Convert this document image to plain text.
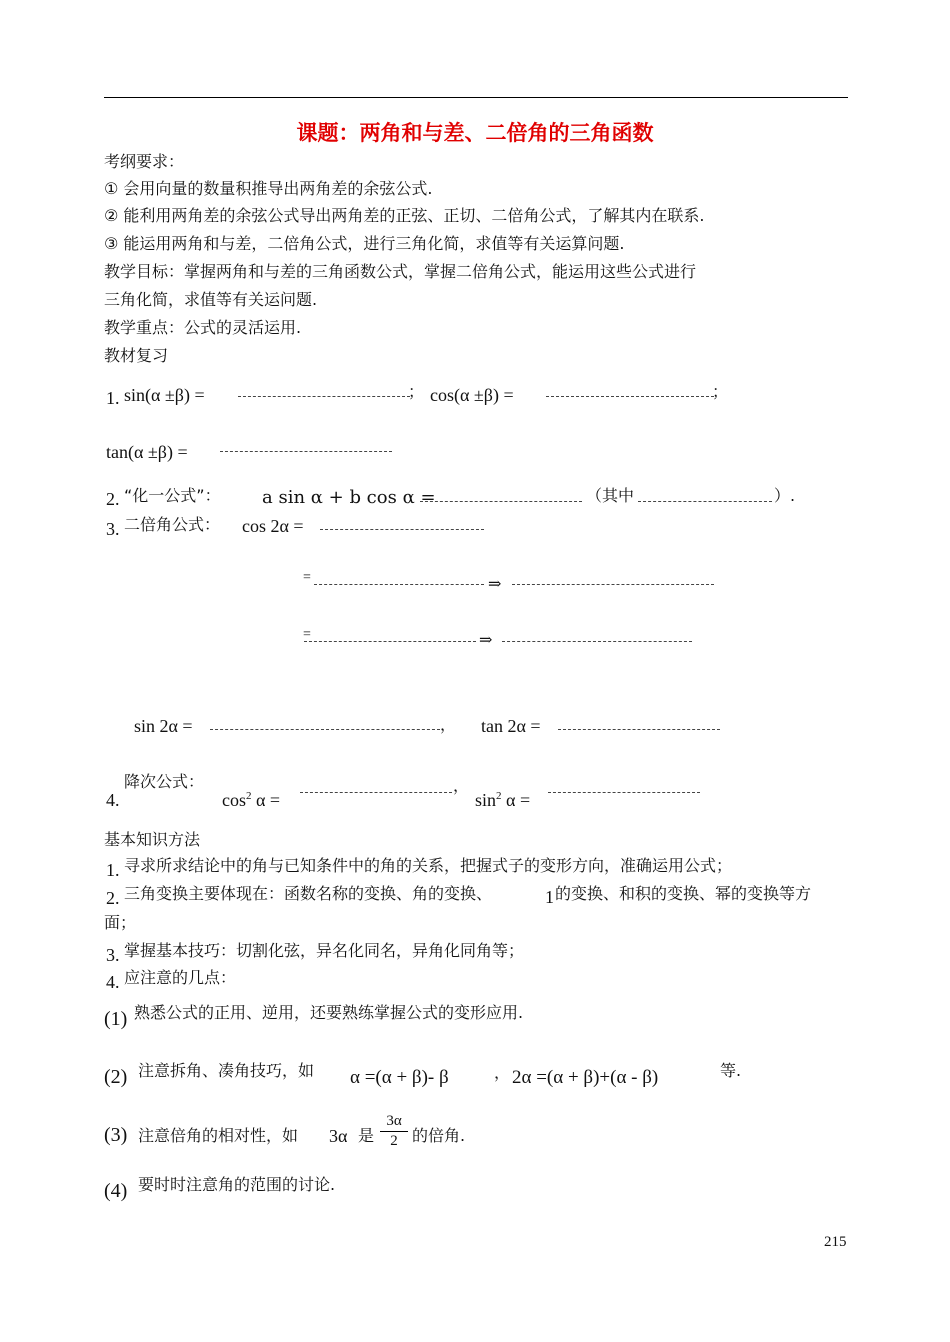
课题：两角和与差、二倍角的三角函数
考纲要求：
① 会用向量的数量积推导出两角差的余弦公式.
② 能利用两角差的余弦公式导出两角差的正弦、正切、二倍角公式，了解其内在联系.
③ 能运用两角和与差，二倍角公式，进行三角化简，求值等有关运算问题.
教学目标：掌握两角和与差的三角函数公式，掌握二倍角公式，能运用这些公式进行
三角化简，求值等有关运问题.
教学重点：公式的灵活运用.
教材复习
1. sin(α ±β) =	； cos(α ±β) =	；
tan(α ±β) =
2. “化一公式”： a sin α + b cos α =	（其中	）.
3. 二倍角公式： cos 2α =
=	⇒
=	⇒
sin 2α =	， tan 2α =
4.
降次公式：
$\cos^2 \alpha$ =
，
$\sin^2 \alpha$ =
基本知识方法
1. 寻求所求结论中的角与已知条件中的角的关系，把握式子的变形方向，准确运用公式；
2. 三角变换主要体现在：函数名称的变换、角的变换、	1 的变换、和积的变换、幂的变换等方
面；
3. 掌握基本技巧：切割化弦，异名化同名，异角化同角等；
4. 应注意的几点：
(1) 熟悉公式的正用、逆用，还要熟练掌握公式的变形应用.
(2) 注意拆角、凑角技巧，如 α =(α + β)- β	， 2α =(α + β)+(α - β)	等.
(3) 注意倍角的相对性，如 3α 是
3α
2 的倍角.
(4) 要时时注意角的范围的讨论.
215
